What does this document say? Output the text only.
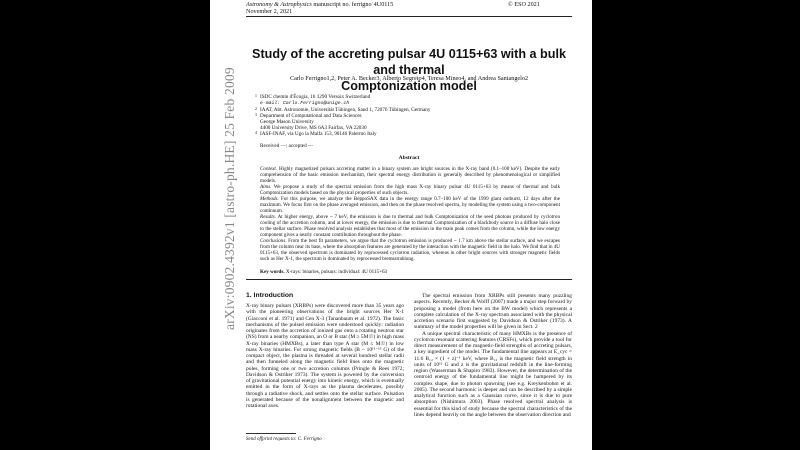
Astronomy & Astrophysics manuscript no. ferrigno˙4U0115
November 2, 2021
© ESO 2021
arXiv:0902.4392v1 [astro-ph.HE] 25 Feb 2009
Study of the accreting pulsar 4U 0115+63 with a bulk and thermal
Comptonization model
Carlo Ferrigno1,2, Peter A. Becker3, Alberto Segreto4, Teresa Mineo4, and Andrea Santangelo2
1 ISDC chemin d'Écogia, 16 1290 Versoix Switzerland
e-mail: Carlo.Ferrigno@unige.ch
2 IAAT, Abt. Astronomie, Universität Tübingen, Sand 1, 72076 Tübingen, Germany
3 Department of Computational and Data Sciences
George Mason University
4400 University Drive, MS 6A3 Fairfax, VA 22030
4 IASF-INAF, via Ugo la Malfa 153, 90146 Palermo Italy
Received —; accepted —
Abstract
Context. Highly magnetized pulsars accreting matter in a binary system are bright sources in the X-ray band (0.1–100 keV). Despite the early comprehension of the basic emission mechanism, their spectral energy distribution is generally described by phenomenological or simplified models.
Aims. We propose a study of the spectral emission from the high mass X-ray binary pulsar 4U 0115+63 by means of thermal and bulk Comptonization models based on the physical properties of such objects.
Methods. For this purpose, we analyze the BeppoSAX data in the energy range 0.7–100 keV of the 1999 giant outburst, 12 days after the maximum. We focus first on the phase averaged emission, and then on the phase resolved spectra, by modeling the system using a two-component continuum.
Results. At higher energy, above ~ 7 keV, the emission is due to thermal and bulk Comptonization of the seed photons produced by cyclotron cooling of the accretion column, and at lower energy, the emission is due to thermal Comptonization of a blackbody source in a diffuse halo close to the stellar surface. Phase resolved analysis establishes that most of the emission in the main peak comes from the column, while the low energy component gives a nearly constant contribution throughout the phase.
Conclusions. From the best fit parameters, we argue that the cyclotron emission is produced ~ 1.7 km above the stellar surface, and we escapes from the column near its base, where the absorption features are generated by the interaction with the magnetic field in the halo. We find that in 4U 0115+63, the observed spectrum is dominated by reprocessed cyclotron radiation, whereas in other bright sources with stronger magnetic fields such as Her X-1, the spectrum is dominated by reprocessed bremsstrahlung.
Key words. X-rays: binaries, pulsars: individual: 4U 0115+63
1. Introduction

X-ray binary pulsars (XRBPs) were discovered more than 35 years ago with the pioneering observations of the bright sources Her X-1 (Giacconi et al. 1971) and Cen X-3 (Tananbaum et al. 1972). The basic mechanisms of the pulsed emission were understood quickly: radiation originates from the accretion of ionized gas onto a rotating neutron star (NS) from a nearby companion, an O or B star (M ≥ 5M☉) in high mass X-ray binaries (HMXBs), a later than type A star (M ≤ M☉) in low mass X-ray binaries. For strong magnetic fields (B ~ 10¹¹⁻¹³ G) of the compact object, the plasma is threaded at several hundred stellar radii and then funneled along the magnetic field lines onto the magnetic poles, forming one or two accretion columns (Pringle & Rees 1972; Davidson & Ostriker 1973). The system is powered by the conversion of gravitational potential energy into kinetic energy, which is eventually emitted in the form of X-rays as the plasma decelerates, possibly through a radiative shock, and settles onto the stellar surface. Pulsation is generated because of the nonalignment between the magnetic and rotational axes.

The spectral emission from XRBPs still presents many puzzling aspects. Recently, Becker & Wolff (2007) made a major step forward by proposing a model (from here on the BW model) which represents a complete calculation of the X-ray spectrum associated with the physical accretion scenario first suggested by Davidson & Ostriker (1973). A summary of the model properties will be given in Sect. 2

A unique spectral characteristic of many HMXBs is the presence of cyclotron resonant scattering features (CRSFs), which provide a tool for direct measurement of the magnetic-field strengths of accreting pulsars, a key ingredient of the model. The fundamental line appears at E_cyc = 11.6 B₁₂ × (1 + z)⁻¹ keV, where B₁₂ is the magnetic field strength in units of 10¹² G and z is the gravitational redshift in the line-forming region (Wasserman & Shapiro 1983). However, the determination of the centroid energy of the fundamental line might be hampered by its complex shape, due to photon spawning (see e.g. Kreykenbohm et al. 2005). The second harmonic is deeper and can be described by a simple analytical function such as a Gaussian curve, since it is due to pure absorption (Nishimura 2003). Phase resolved spectral analysis is essential for this kind of study because the spectral characteristics of the lines depend heavily on the angle between the observation direction and

Send offprint requests to: C. Ferrigno
